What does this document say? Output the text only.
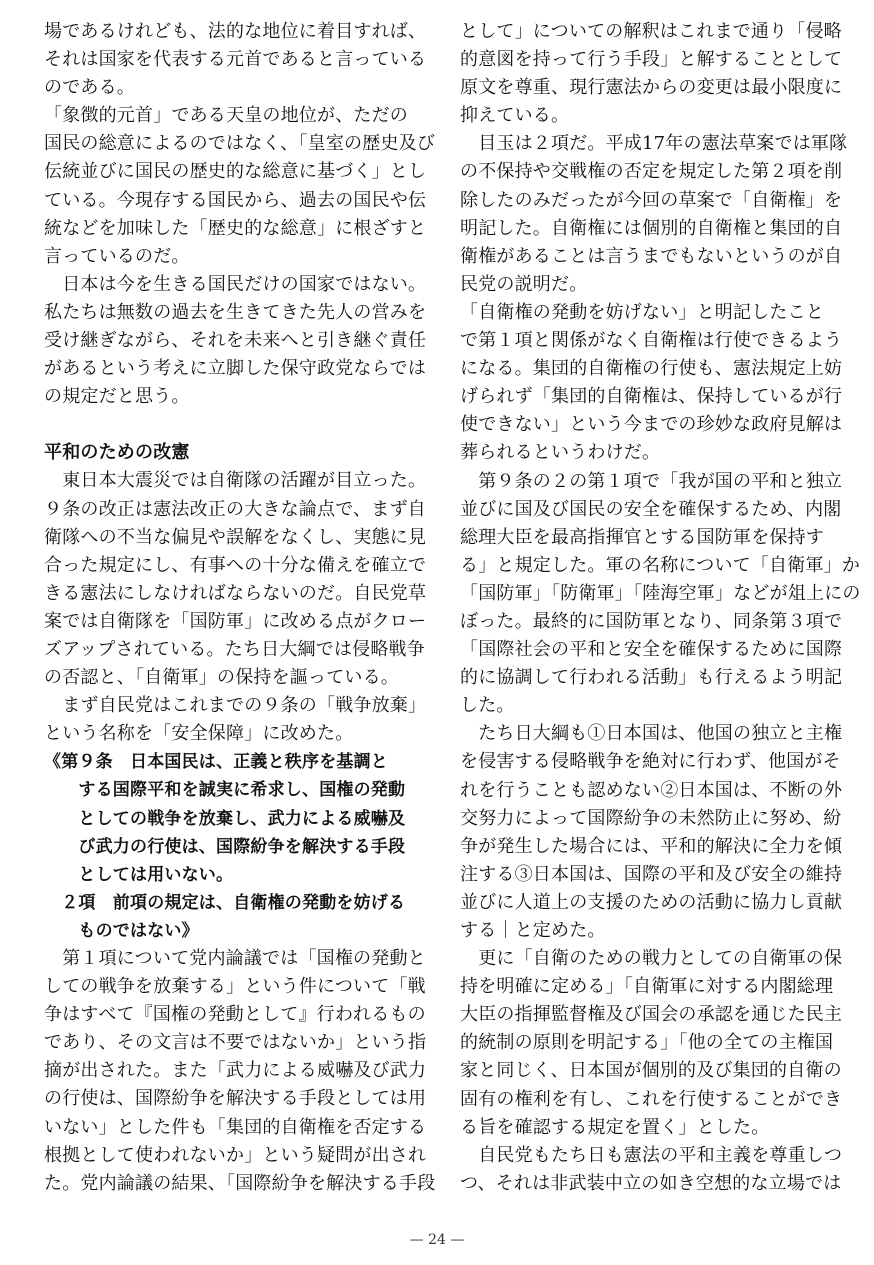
場であるけれども、法的な地位に着目すれば、

それは国家を代表する元首であると言っている

のである。

「象徴的元首」である天皇の地位が、ただの

国民の総意によるのではなく、「皇室の歴史及び

伝統並びに国民の歴史的な総意に基づく」とし

ている。今現存する国民から、過去の国民や伝

統などを加味した「歴史的な総意」に根ざすと

言っているのだ。

　日本は今を生きる国民だけの国家ではない。

私たちは無数の過去を生きてきた先人の営みを

受け継ぎながら、それを未来へと引き継ぐ責任

があるという考えに立脚した保守政党ならでは

の規定だと思う。

平和のための改憲

　東日本大震災では自衛隊の活躍が目立った。

９条の改正は憲法改正の大きな論点で、まず自

衛隊への不当な偏見や誤解をなくし、実態に見

合った規定にし、有事への十分な備えを確立で

きる憲法にしなければならないのだ。自民党草

案では自衛隊を「国防軍」に改める点がクロー

ズアップされている。たち日大綱では侵略戦争

の否認と、「自衛軍」の保持を謳っている。

　まず自民党はこれまでの９条の「戦争放棄」

という名称を「安全保障」に改めた。

《第９条　日本国民は、正義と秩序を基調と

　　する国際平和を誠実に希求し、国権の発動

　　としての戦争を放棄し、武力による威嚇及

　　び武力の行使は、国際紛争を解決する手段

　　としては用いない。

　２項　前項の規定は、自衛権の発動を妨げる

　　ものではない》

　第１項について党内論議では「国権の発動と

しての戦争を放棄する」という件について「戦

争はすべて『国権の発動として』行われるもの

であり、その文言は不要ではないか」という指

摘が出された。また「武力による威嚇及び武力

の行使は、国際紛争を解決する手段としては用

いない」とした件も「集団的自衛権を否定する

根拠として使われないか」という疑問が出され

た。党内論議の結果、「国際紛争を解決する手段

として」についての解釈はこれまで通り「侵略

的意図を持って行う手段」と解することとして

原文を尊重、現行憲法からの変更は最小限度に

抑えている。

　目玉は２項だ。平成17年の憲法草案では軍隊

の不保持や交戦権の否定を規定した第２項を削

除したのみだったが今回の草案で「自衛権」を

明記した。自衛権には個別的自衛権と集団的自

衛権があることは言うまでもないというのが自

民党の説明だ。

「自衛権の発動を妨げない」と明記したこと

で第１項と関係がなく自衛権は行使できるよう

になる。集団的自衛権の行使も、憲法規定上妨

げられず「集団的自衛権は、保持しているが行

使できない」という今までの珍妙な政府見解は

葬られるというわけだ。

　第９条の２の第１項で「我が国の平和と独立

並びに国及び国民の安全を確保するため、内閣

総理大臣を最高指揮官とする国防軍を保持す

る」と規定した。軍の名称について「自衛軍」か

「国防軍」「防衛軍」「陸海空軍」などが俎上にの

ぼった。最終的に国防軍となり、同条第３項で

「国際社会の平和と安全を確保するために国際

的に協調して行われる活動」も行えるよう明記

した。

　たち日大綱も①日本国は、他国の独立と主権

を侵害する侵略戦争を絶対に行わず、他国がそ

れを行うことも認めない②日本国は、不断の外

交努力によって国際紛争の未然防止に努め、紛

争が発生した場合には、平和的解決に全力を傾

注する③日本国は、国際の平和及び安全の維持

並びに人道上の支援のための活動に協力し貢献

する｜と定めた。

　更に「自衛のための戦力としての自衛軍の保

持を明確に定める」「自衛軍に対する内閣総理

大臣の指揮監督権及び国会の承認を通じた民主

的統制の原則を明記する」「他の全ての主権国

家と同じく、日本国が個別的及び集団的自衛の

固有の権利を有し、これを行使することができ

る旨を確認する規定を置く」とした。

　自民党もたち日も憲法の平和主義を尊重しつ

つ、それは非武装中立の如き空想的な立場では

— 24 —
